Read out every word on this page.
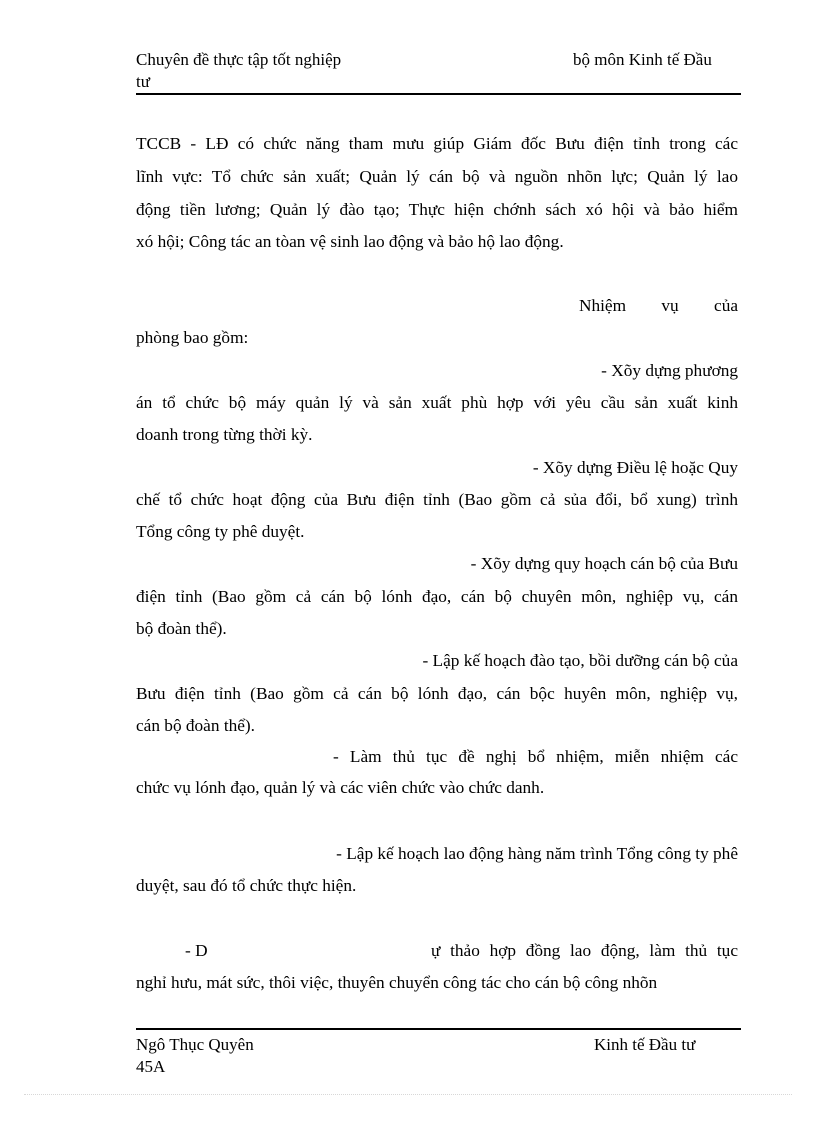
Chuyên đề thực tập tốt nghiệp
tư
bộ môn Kinh tế Đầu
TCCB - LĐ có chức năng tham mưu giúp Giám đốc Bưu điện tỉnh trong các
lĩnh vực: Tổ chức sản xuất; Quản lý cán bộ và nguồn nhõn lực; Quản lý lao
động tiền lương; Quản lý đào tạo; Thực hiện chớnh sách xó hội và bảo hiểm
xó hội; Công tác an tòan vệ sinh lao động và bảo hộ lao động.
Nhiệm vụ của
phòng bao gồm:
- Xõy dựng phương
án tổ chức bộ máy quản lý và sản xuất phù hợp với yêu cầu sản xuất kinh
doanh trong từng thời kỳ.
- Xõy dựng Điều lệ hoặc Quy
chế tổ chức hoạt động của Bưu điện tỉnh (Bao gồm cả sủa đổi, bổ xung) trình
Tổng công ty phê duyệt.
- Xõy dựng quy hoạch cán bộ của Bưu
điện tỉnh (Bao gồm cả cán bộ lónh đạo, cán bộ chuyên môn, nghiệp vụ, cán
bộ đoàn thể).
- Lập kế hoạch đào tạo, bồi dưỡng cán bộ của
Bưu điện tỉnh (Bao gồm cả cán bộ lónh đạo, cán bộc huyên môn, nghiệp vụ,
cán bộ đoàn thể).
- Làm thủ tục đề nghị bổ nhiệm, miễn nhiệm các
chức vụ lónh đạo, quản lý và các viên chức vào chức danh.
- Lập kế hoạch lao động hàng năm trình Tổng công ty phê
duyệt, sau đó tổ chức thực hiện.
- D	ự thảo hợp đồng lao động, làm thủ tục
nghỉ hưu, mát sức, thôi việc, thuyên chuyển công tác cho cán bộ công nhõn
Ngô Thục Quyên
45A
Kinh tế Đầu tư
